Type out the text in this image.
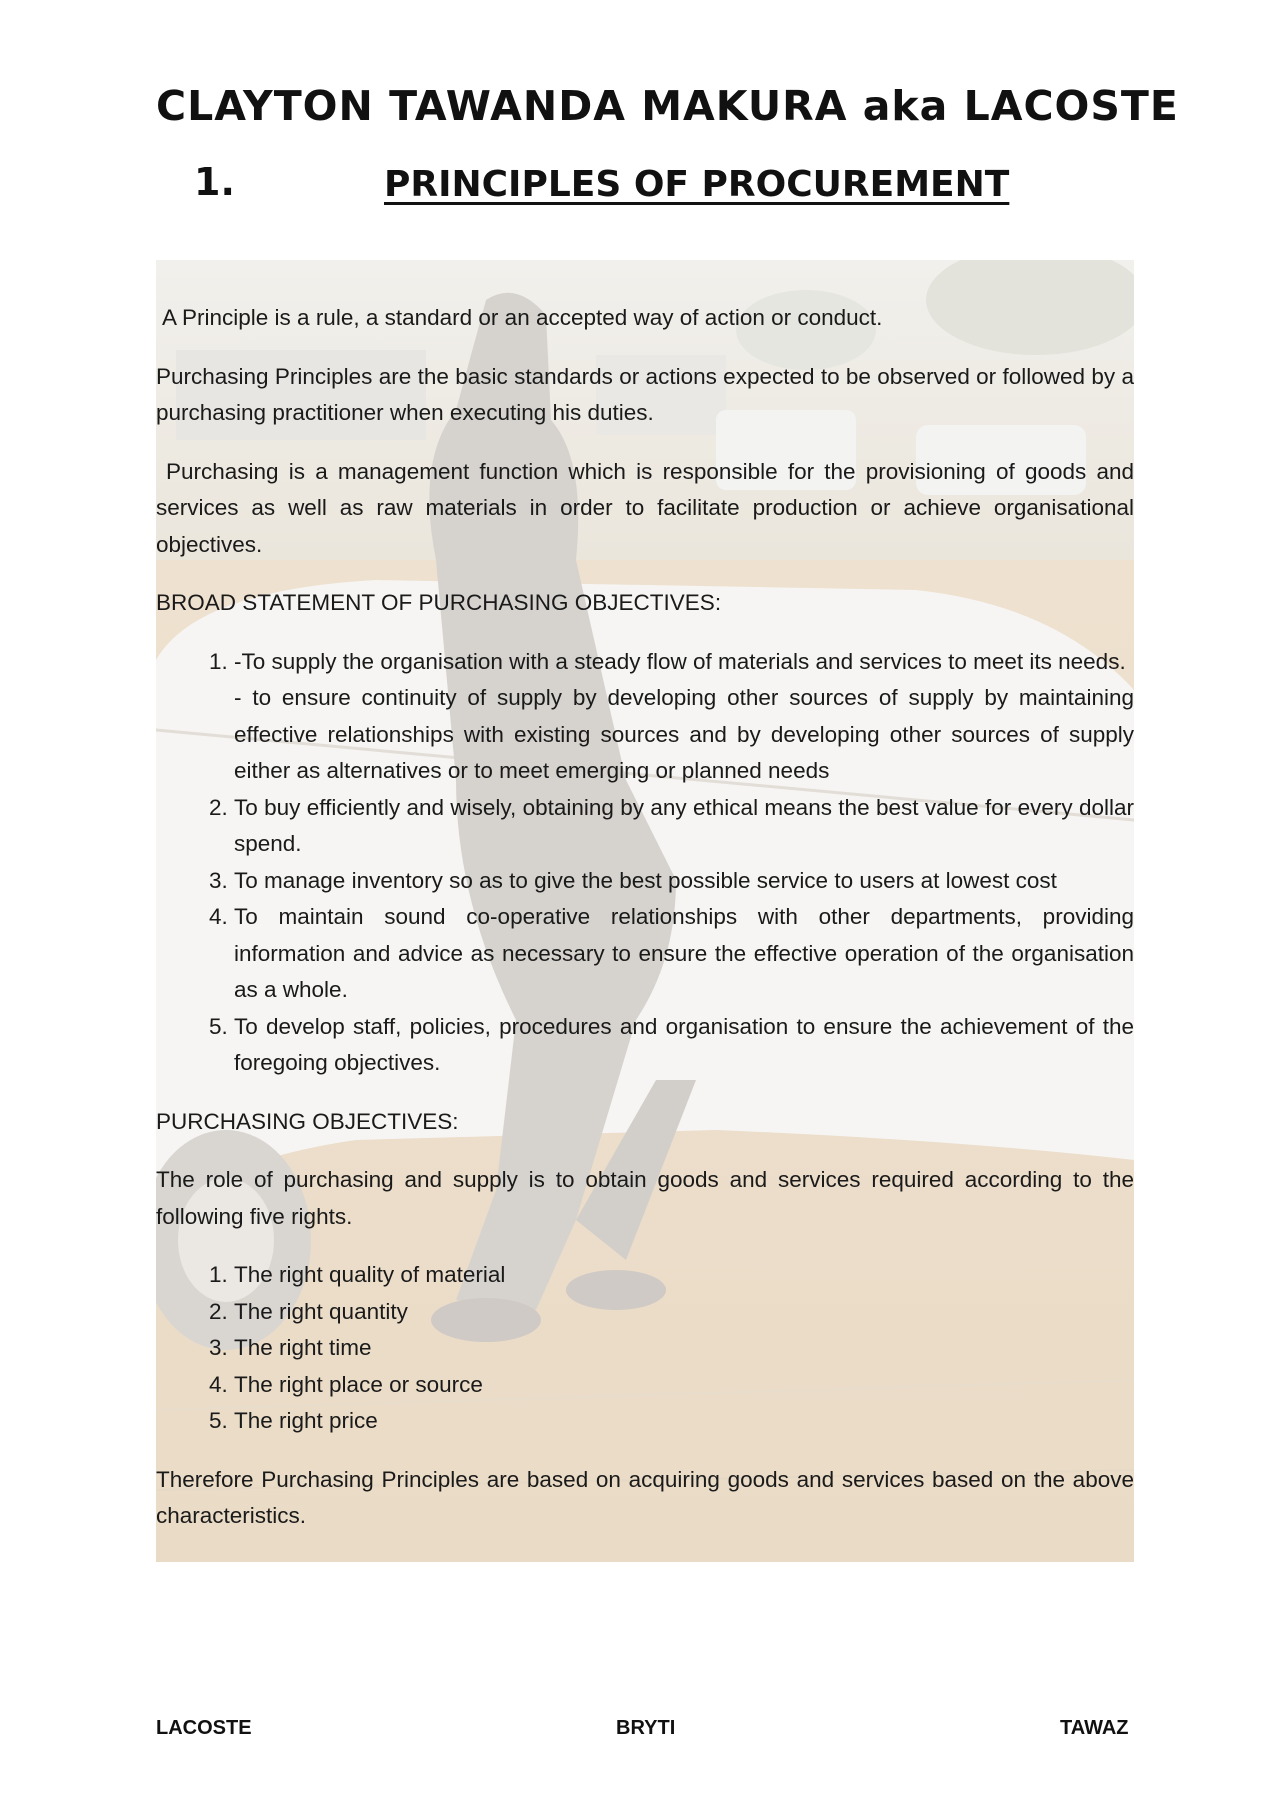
CLAYTON TAWANDA MAKURA aka LACOSTE
1.	PRINCIPLES OF PROCUREMENT

A Principle is a rule, a standard or an accepted way of action or conduct.

Purchasing Principles are the basic standards or actions expected to be observed or followed by a purchasing practitioner when executing his duties.

Purchasing is a management function which is responsible for the provisioning of goods and services as well as raw materials in order to facilitate production or achieve organisational objectives.

BROAD STATEMENT OF PURCHASING OBJECTIVES:

1. -To supply the organisation with a steady flow of materials and services to meet its needs.
- to ensure continuity of supply by developing other sources of supply by maintaining effective relationships with existing sources and by developing other sources of supply either as alternatives or to meet emerging or planned needs
2. To buy efficiently and wisely, obtaining by any ethical means the best value for every dollar spend.
3. To manage inventory so as to give the best possible service to users at lowest cost
4. To maintain sound co-operative relationships with other departments, providing information and advice as necessary to ensure the effective operation of the organisation as a whole.
5. To develop staff, policies, procedures and organisation to ensure the achievement of the foregoing objectives.

PURCHASING OBJECTIVES:

The role of purchasing and supply is to obtain goods and services required according to the following five rights.

1. The right quality of material
2. The right quantity
3. The right time
4. The right place or source
5. The right price

Therefore Purchasing Principles are based on acquiring goods and services based on the above characteristics.

LACOSTE	BRYTI	TAWAZ
